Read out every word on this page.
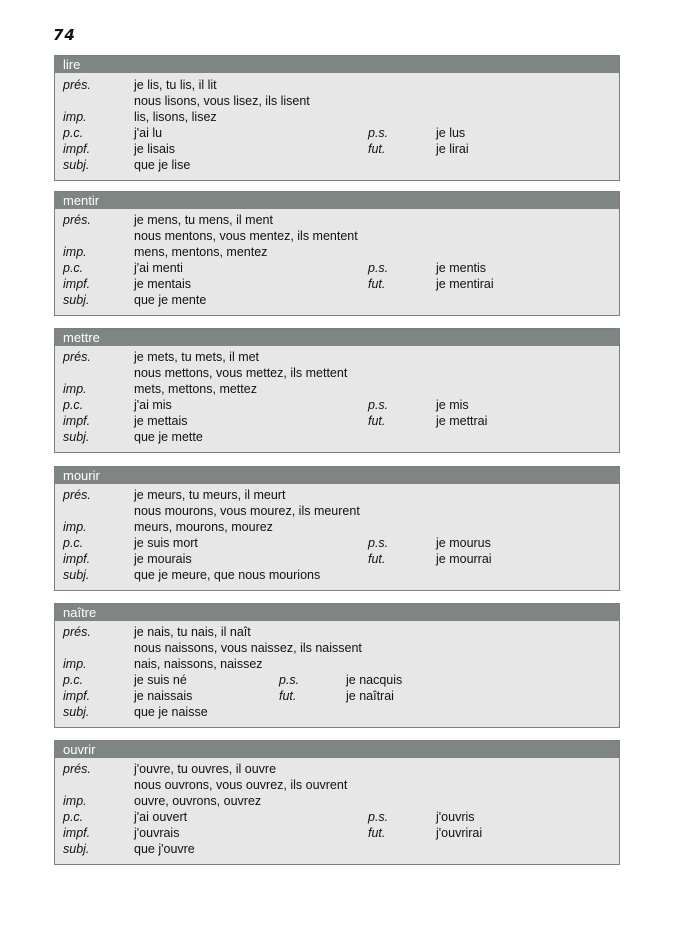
74
lire
prés.	je lis, tu lis, il lit
nous lisons, vous lisez, ils lisent
imp.	lis, lisons, lisez
p.c.	j'ai lu	p.s.	je lus
impf.	je lisais	fut.	je lirai
subj.	que je lise
mentir
prés.	je mens, tu mens, il ment
nous mentons, vous mentez, ils mentent
imp.	mens, mentons, mentez
p.c.	j'ai menti	p.s.	je mentis
impf.	je mentais	fut.	je mentirai
subj.	que je mente
mettre
prés.	je mets, tu mets, il met
nous mettons, vous mettez, ils mettent
imp.	mets, mettons, mettez
p.c.	j'ai mis	p.s.	je mis
impf.	je mettais	fut.	je mettrai
subj.	que je mette
mourir
prés.	je meurs, tu meurs, il meurt
nous mourons, vous mourez, ils meurent
imp.	meurs, mourons, mourez
p.c.	je suis mort	p.s.	je mourus
impf.	je mourais	fut.	je mourrai
subj.	que je meure, que nous mourions
naître
prés.	je nais, tu nais, il naît
nous naissons, vous naissez, ils naissent
imp.	nais, naissons, naissez
p.c.	je suis né	p.s.	je nacquis
impf.	je naissais	fut.	je naîtrai
subj.	que je naisse
ouvrir
prés.	j'ouvre, tu ouvres, il ouvre
nous ouvrons, vous ouvrez, ils ouvrent
imp.	ouvre, ouvrons, ouvrez
p.c.	j'ai ouvert	p.s.	j'ouvris
impf.	j'ouvrais	fut.	j'ouvrirai
subj.	que j'ouvre
